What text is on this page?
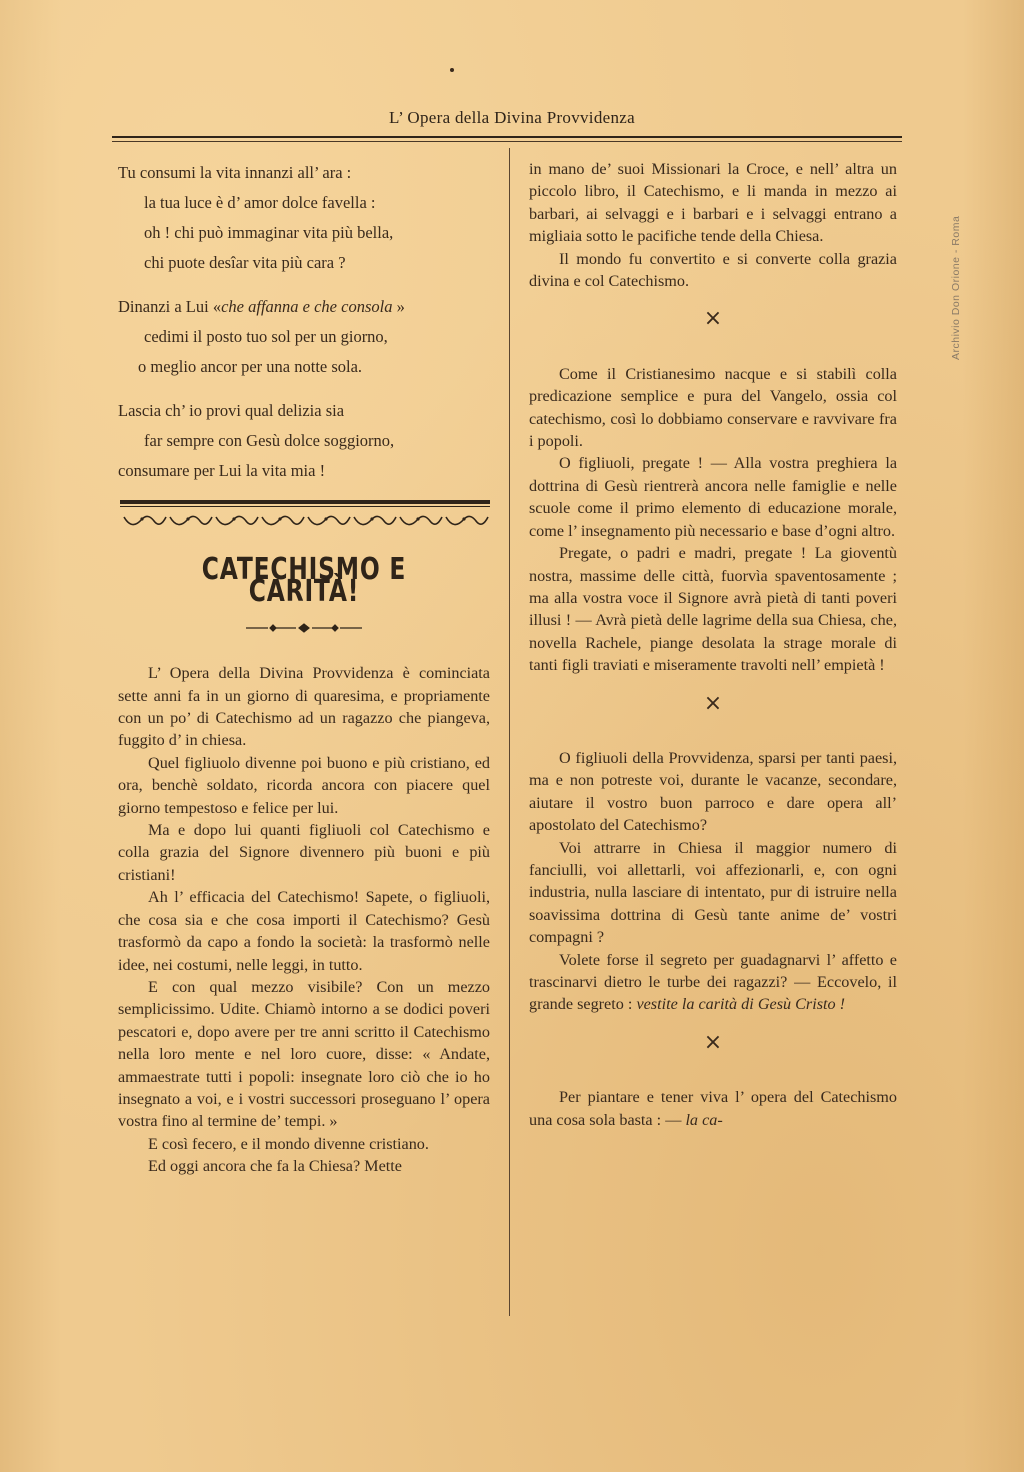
L’ Opera della Divina Provvidenza
Archivio Don Orione - Roma
Tu consumi la vita innanzi all’ ara :
la tua luce è d’ amor dolce favella :
oh ! chi può immaginar vita più bella,
chi puote desîar vita più cara ?
Dinanzi a Lui «che affanna e che consola »
cedimi il posto tuo sol per un giorno,
o meglio ancor per una notte sola.
Lascia ch’ io provi qual delizia sia
far sempre con Gesù dolce soggiorno,
consumare per Lui la vita mia !
CATECHISMO E CARITÀ!

L’ Opera della Divina Provvidenza è cominciata sette anni fa in un giorno di quaresima, e propriamente con un po’ di Catechismo ad un ragazzo che piangeva, fuggito d’ in chiesa.

Quel figliuolo divenne poi buono e più cristiano, ed ora, benchè soldato, ricorda ancora con piacere quel giorno tempestoso e felice per lui.

Ma e dopo lui quanti figliuoli col Catechismo e colla grazia del Signore divennero più buoni e più cristiani!

Ah l’ efficacia del Catechismo! Sapete, o figliuoli, che cosa sia e che cosa importi il Catechismo? Gesù trasformò da capo a fondo la società: la trasformò nelle idee, nei costumi, nelle leggi, in tutto.

E con qual mezzo visibile? Con un mezzo semplicissimo. Udite. Chiamò intorno a se dodici poveri pescatori e, dopo avere per tre anni scritto il Catechismo nella loro mente e nel loro cuore, disse: « Andate, ammaestrate tutti i popoli: insegnate loro ciò che io ho insegnato a voi, e i vostri successori proseguano l’ opera vostra fino al termine de’ tempi. »

E così fecero, e il mondo divenne cristiano.

Ed oggi ancora che fa la Chiesa? Mette

in mano de’ suoi Missionari la Croce, e nell’ altra un piccolo libro, il Catechismo, e li manda in mezzo ai barbari, ai selvaggi e i barbari e i selvaggi entrano a migliaia sotto le pacifiche tende della Chiesa.

Il mondo fu convertito e si converte colla grazia divina e col Catechismo.

×

Come il Cristianesimo nacque e si stabilì colla predicazione semplice e pura del Vangelo, ossia col catechismo, così lo dobbiamo conservare e ravvivare fra i popoli.

O figliuoli, pregate ! — Alla vostra preghiera la dottrina di Gesù rientrerà ancora nelle famiglie e nelle scuole come il primo elemento di educazione morale, come l’ insegnamento più necessario e base d’ogni altro.

Pregate, o padri e madri, pregate ! La gioventù nostra, massime delle città, fuorvìa spaventosamente ; ma alla vostra voce il Signore avrà pietà di tanti poveri illusi ! — Avrà pietà delle lagrime della sua Chiesa, che, novella Rachele, piange desolata la strage morale di tanti figli traviati e miseramente travolti nell’ empietà !

×

O figliuoli della Provvidenza, sparsi per tanti paesi, ma e non potreste voi, durante le vacanze, secondare, aiutare il vostro buon parroco e dare opera all’ apostolato del Catechismo?

Voi attrarre in Chiesa il maggior numero di fanciulli, voi allettarli, voi affezionarli, e, con ogni industria, nulla lasciare di intentato, pur di istruire nella soavissima dottrina di Gesù tante anime de’ vostri compagni ?

Volete forse il segreto per guadagnarvi l’ affetto e trascinarvi dietro le turbe dei ragazzi? — Eccovelo, il grande segreto : vestite la carità di Gesù Cristo !

×

Per piantare e tener viva l’ opera del Catechismo una cosa sola basta : — la ca-
